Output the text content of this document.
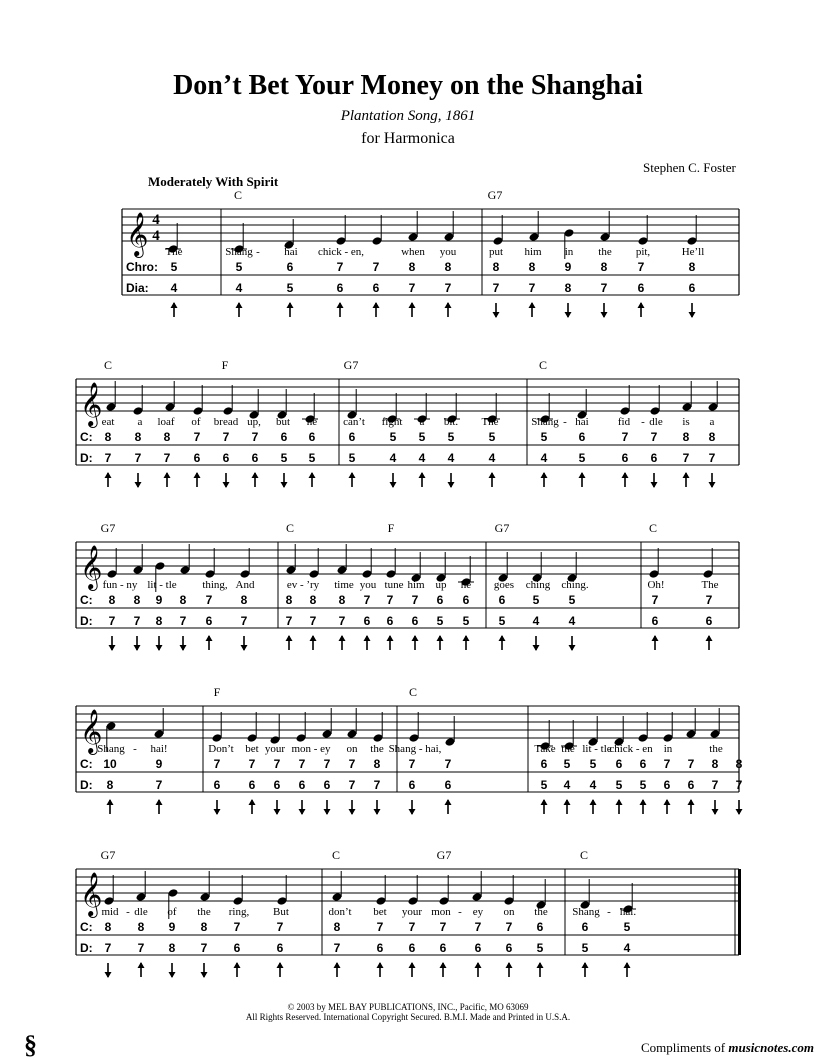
Don’t Bet Your Money on the Shanghai
Plantation Song, 1861
for Harmonica
Stephen C. Foster
Moderately With Spirit
𝄞 4
4
Chro:
Dia:
C	G7
The	Shang - hai chick - en,	when you	put him in the pit,	He’ll
5	5	6	7 7 8 8	8 8 9 8	7	8
4	4	5	6 6 7 7	7 7 8 7	6	6
𝄞
C:
D:
C	F	G7	C
eat a loaf of bread up, but he can’t fight a bit. The	Shang - hai	fid - dle is a
8 8 8 7 7 7 6 6	6	5 5 5	5	5	6	7 7 8 8
7 7 7 6 6 6 5 5	5	4 4 4	4	4	5	6 6 7 7
𝄞
C:
D:
G7	C	F	G7	C
fun - ny lit - tle thing, And	ev - ’ry time you tune him up he goes ching ching.	Oh!	The
8 8 9 8 7 8	8 8 8 7 7 7 6 6 6 5 5	7	7
7 7 8 7 6 7	7 7 7 6 6 6 5 5 5 4 4	6	6
𝄞
C:
D:
F	C
Shang - hai!	Don’t bet your mon - ey on the Shang - hai,	Take the lit - tle
chick - en in	the
10	9	7 7 7 7 7 7 8 7 7	6 5 5 6 6 7 7 8 8
8	7	6 6 6 6 6 7 7 6 6	5 4 4 5 5 6 6 7 7
𝄞
C:
D:
G7	C	G7	C
mid - dle of the ring, But	don’t bet your mon - ey on the Shang - hai.
8 8 9 8 7	7	8	7 7 7 7 7 6	6	5
7 7 8 7 6	6	7	6 6 6 6 6 5	5	4
© 2003 by MEL BAY PUBLICATIONS, INC., Pacific, MO 63069
All Rights Reserved. International Copyright Secured. B.M.I. Made and Printed in U.S.A.
Compliments of musicnotes.com
§
